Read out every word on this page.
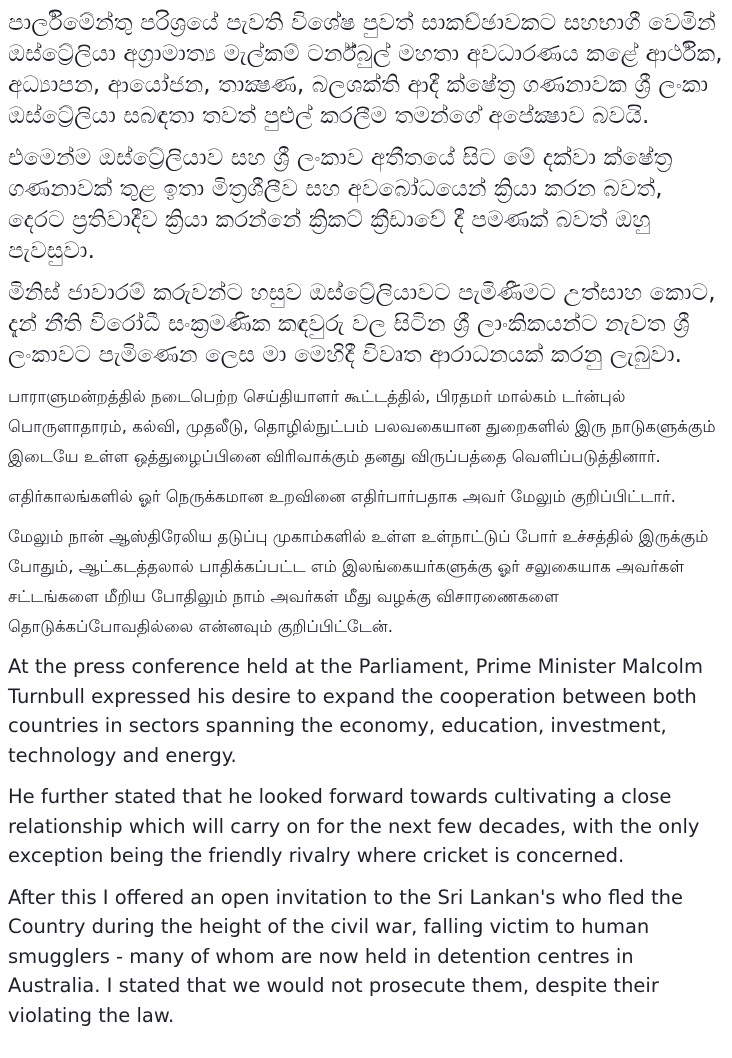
පාර්ලිමේන්තු පරිශ්‍රයේ පැවති විශේෂ පුවත් සාකච්ඡාවකට සහභාගී වෙමින් ඔස්ට්‍රේලියා අග්‍රාමාත්‍ය මැල්කම් ටර්න්බුල් මහතා අවධාරණය කළේ ආර්ථික, අධ්‍යාපන, ආයෝජන, තාක්‍ෂණ, බලශක්ති ආදී ක්ෂේත්‍ර ගණනාවක ශ්‍රී ලංකා ඔස්ට්‍රේලියා සබඳතා තවත් පුළුල් කරලීම තමන්ගේ අපේක්‍ෂාව බවයි.

එමෙන්ම ඔස්ට්‍රේලියාව සහ ශ්‍රී ලංකාව අතීතයේ සිට මේ දක්වා ක්ෂේත්‍ර ගණනාවක් තුළ ඉතා මිත්‍රශීලීව සහ අවබෝධයෙන් ක්‍රියා කරන බවත්, දෙරට ප්‍රතිවාදීව ක්‍රියා කරන්නේ ක්‍රිකට් ක්‍රීඩාවේ දී පමණක් බවත් ඔහු පැවසුවා.

මිනිස් ජාවාරම් කරුවන්ට හසුව ඔස්ට්‍රේලියාවට පැමිණීමට උත්සාහ කොට, දැන් නීති විරෝධී සංක්‍රමණික කඳවුරු වල සිටින ශ්‍රී ලාංකිකයන්ට නැවත ශ්‍රී ලංකාවට පැමිණෙන ලෙස මා මෙහිදී විවෘත ආරාධනයක් කරනු ලැබුවා.

பாராளுமன்றத்தில் நடைபெற்ற செய்தியாளர் கூட்டத்தில், பிரதமர் மால்கம் டர்ன்புல் பொருளாதாரம், கல்வி, முதலீடு, தொழில்நுட்பம் பலவகையான துறைகளில் இரு நாடுகளுக்கும் இடையே உள்ள ஒத்துழைப்பினை விரிவாக்கும் தனது விருப்பத்தை வெளிப்படுத்தினார்.

எதிர்காலங்களில் ஓர் நெருக்கமான உறவினை எதிர்பார்பதாக அவர் மேலும் குறிப்பிட்டார்.

மேலும் நான் ஆஸ்திரேலிய தடுப்பு முகாம்களில் உள்ள உள்நாட்டுப் போர் உச்சத்தில் இருக்கும் போதும், ஆட்கடத்தலால் பாதிக்கப்பட்ட எம் இலங்கையர்களுக்கு ஓர் சலுகையாக அவர்கள் சட்டங்களை மீறிய போதிலும் நாம் அவர்கள் மீது வழக்கு விசாரணைகளை தொடுக்கப்போவதில்லை என்னவும் குறிப்பிட்டேன்.

At the press conference held at the Parliament, Prime Minister Malcolm Turnbull expressed his desire to expand the cooperation between both countries in sectors spanning the economy, education, investment, technology and energy.

He further stated that he looked forward towards cultivating a close relationship which will carry on for the next few decades, with the only exception being the friendly rivalry where cricket is concerned.

After this I offered an open invitation to the Sri Lankan's who fled the Country during the height of the civil war, falling victim to human smugglers - many of whom are now held in detention centres in Australia. I stated that we would not prosecute them, despite their violating the law.
